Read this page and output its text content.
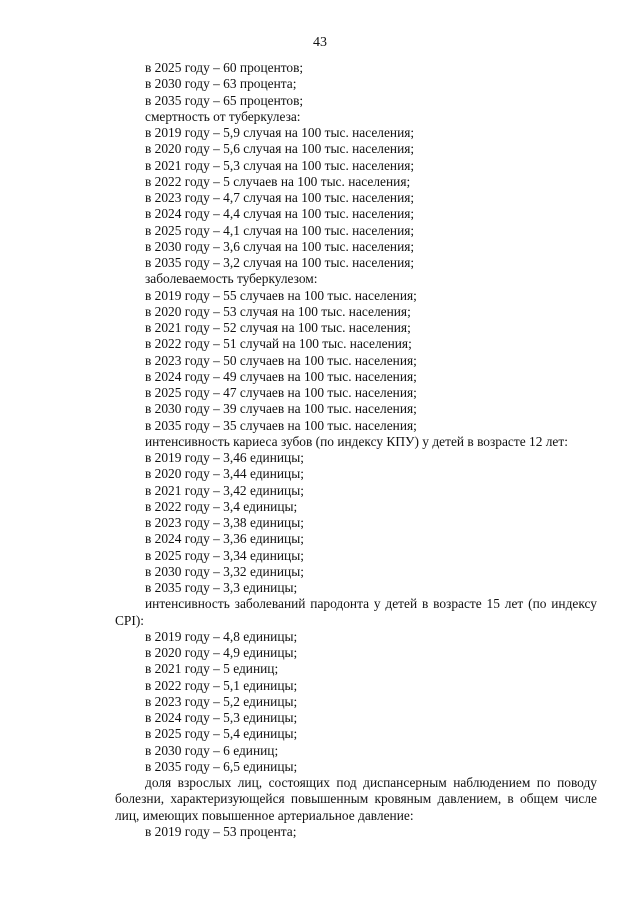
43
в 2025 году – 60 процентов;
в 2030 году – 63 процента;
в 2035 году – 65 процентов;
смертность от туберкулеза:
в 2019 году – 5,9 случая на 100 тыс. населения;
в 2020 году – 5,6 случая на 100 тыс. населения;
в 2021 году – 5,3 случая на 100 тыс. населения;
в 2022 году – 5 случаев на 100 тыс. населения;
в 2023 году – 4,7 случая на 100 тыс. населения;
в 2024 году – 4,4 случая на 100 тыс. населения;
в 2025 году – 4,1 случая на 100 тыс. населения;
в 2030 году – 3,6 случая на 100 тыс. населения;
в 2035 году – 3,2 случая на 100 тыс. населения;
заболеваемость туберкулезом:
в 2019 году – 55 случаев на 100 тыс. населения;
в 2020 году – 53 случая на 100 тыс. населения;
в 2021 году – 52 случая на 100 тыс. населения;
в 2022 году – 51 случай на 100 тыс. населения;
в 2023 году – 50 случаев на 100 тыс. населения;
в 2024 году – 49 случаев на 100 тыс. населения;
в 2025 году – 47 случаев на 100 тыс. населения;
в 2030 году – 39 случаев на 100 тыс. населения;
в 2035 году – 35 случаев на 100 тыс. населения;
интенсивность кариеса зубов (по индексу КПУ) у детей в возрасте 12 лет:
в 2019 году – 3,46 единицы;
в 2020 году – 3,44 единицы;
в 2021 году – 3,42 единицы;
в 2022 году – 3,4 единицы;
в 2023 году – 3,38 единицы;
в 2024 году – 3,36 единицы;
в 2025 году – 3,34 единицы;
в 2030 году – 3,32 единицы;
в 2035 году – 3,3 единицы;
интенсивность заболеваний пародонта у детей в возрасте 15 лет (по индексу CPI):
в 2019 году – 4,8 единицы;
в 2020 году – 4,9 единицы;
в 2021 году – 5 единиц;
в 2022 году – 5,1 единицы;
в 2023 году – 5,2 единицы;
в 2024 году – 5,3 единицы;
в 2025 году – 5,4 единицы;
в 2030 году – 6 единиц;
в 2035 году – 6,5 единицы;
доля взрослых лиц, состоящих под диспансерным наблюдением по поводу болезни, характеризующейся повышенным кровяным давлением, в общем числе лиц, имеющих повышенное артериальное давление:
в 2019 году – 53 процента;
